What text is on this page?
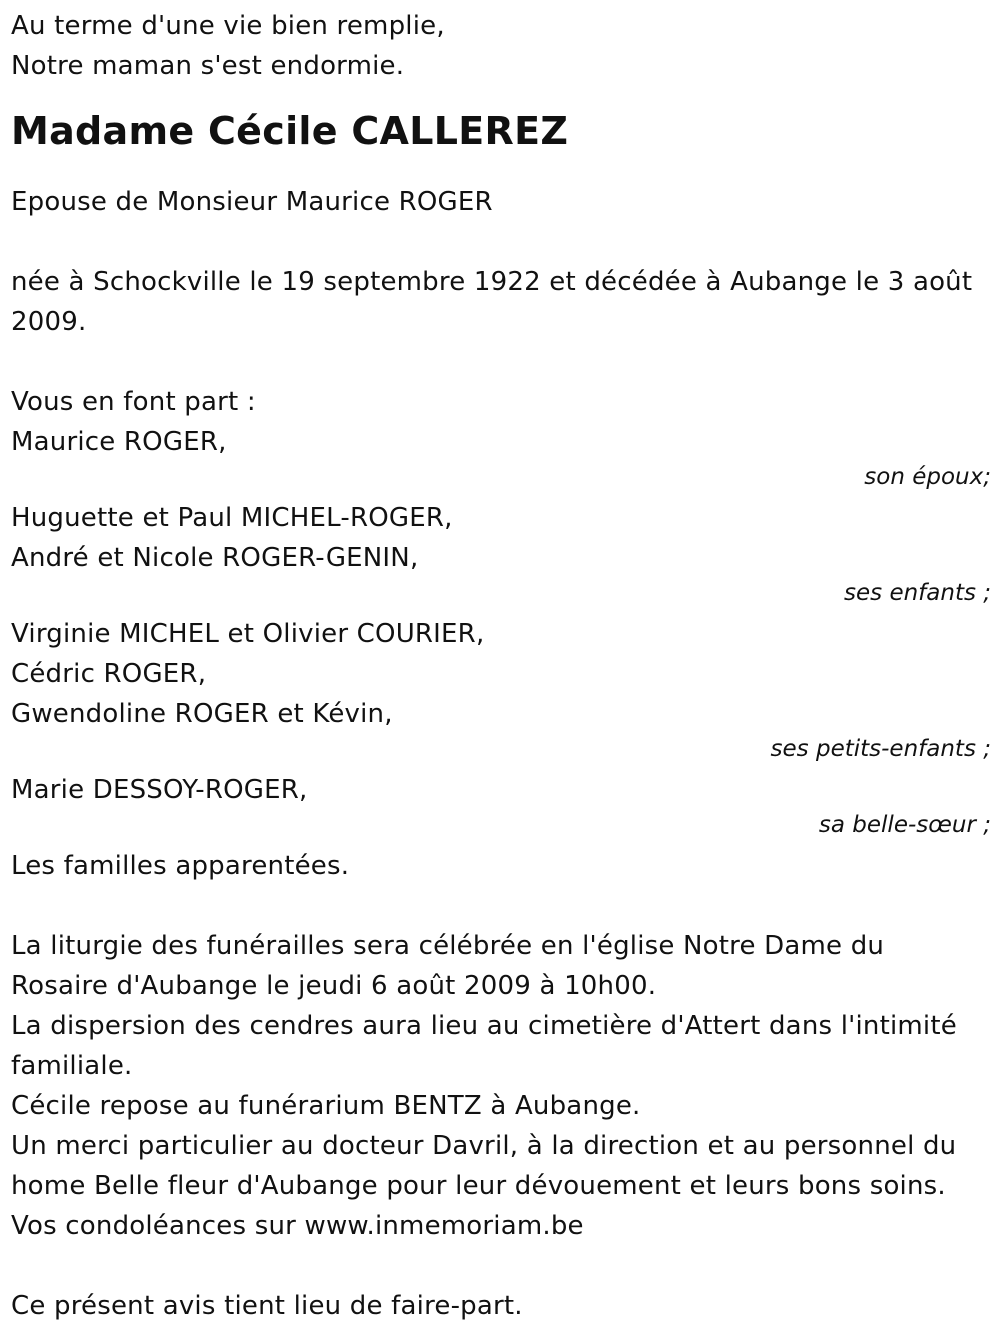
Au terme d'une vie bien remplie,
Notre maman s'est endormie.
Madame Cécile CALLEREZ
Epouse de Monsieur Maurice ROGER
née à Schockville le 19 septembre 1922 et décédée à Aubange le 3 août
2009.
Vous en font part :
Maurice ROGER,
son époux;
Huguette et Paul MICHEL-ROGER,
André et Nicole ROGER-GENIN,
ses enfants ;
Virginie MICHEL et Olivier COURIER,
Cédric ROGER,
Gwendoline ROGER et Kévin,
ses petits-enfants ;
Marie DESSOY-ROGER,
sa belle-sœur ;
Les familles apparentées.
La liturgie des funérailles sera célébrée en l'église Notre Dame du
Rosaire d'Aubange le jeudi 6 août 2009 à 10h00.
La dispersion des cendres aura lieu au cimetière d'Attert dans l'intimité
familiale.
Cécile repose au funérarium BENTZ à Aubange.
Un merci particulier au docteur Davril, à la direction et au personnel du
home Belle fleur d'Aubange pour leur dévouement et leurs bons soins.
Vos condoléances sur www.inmemoriam.be
Ce présent avis tient lieu de faire-part.
